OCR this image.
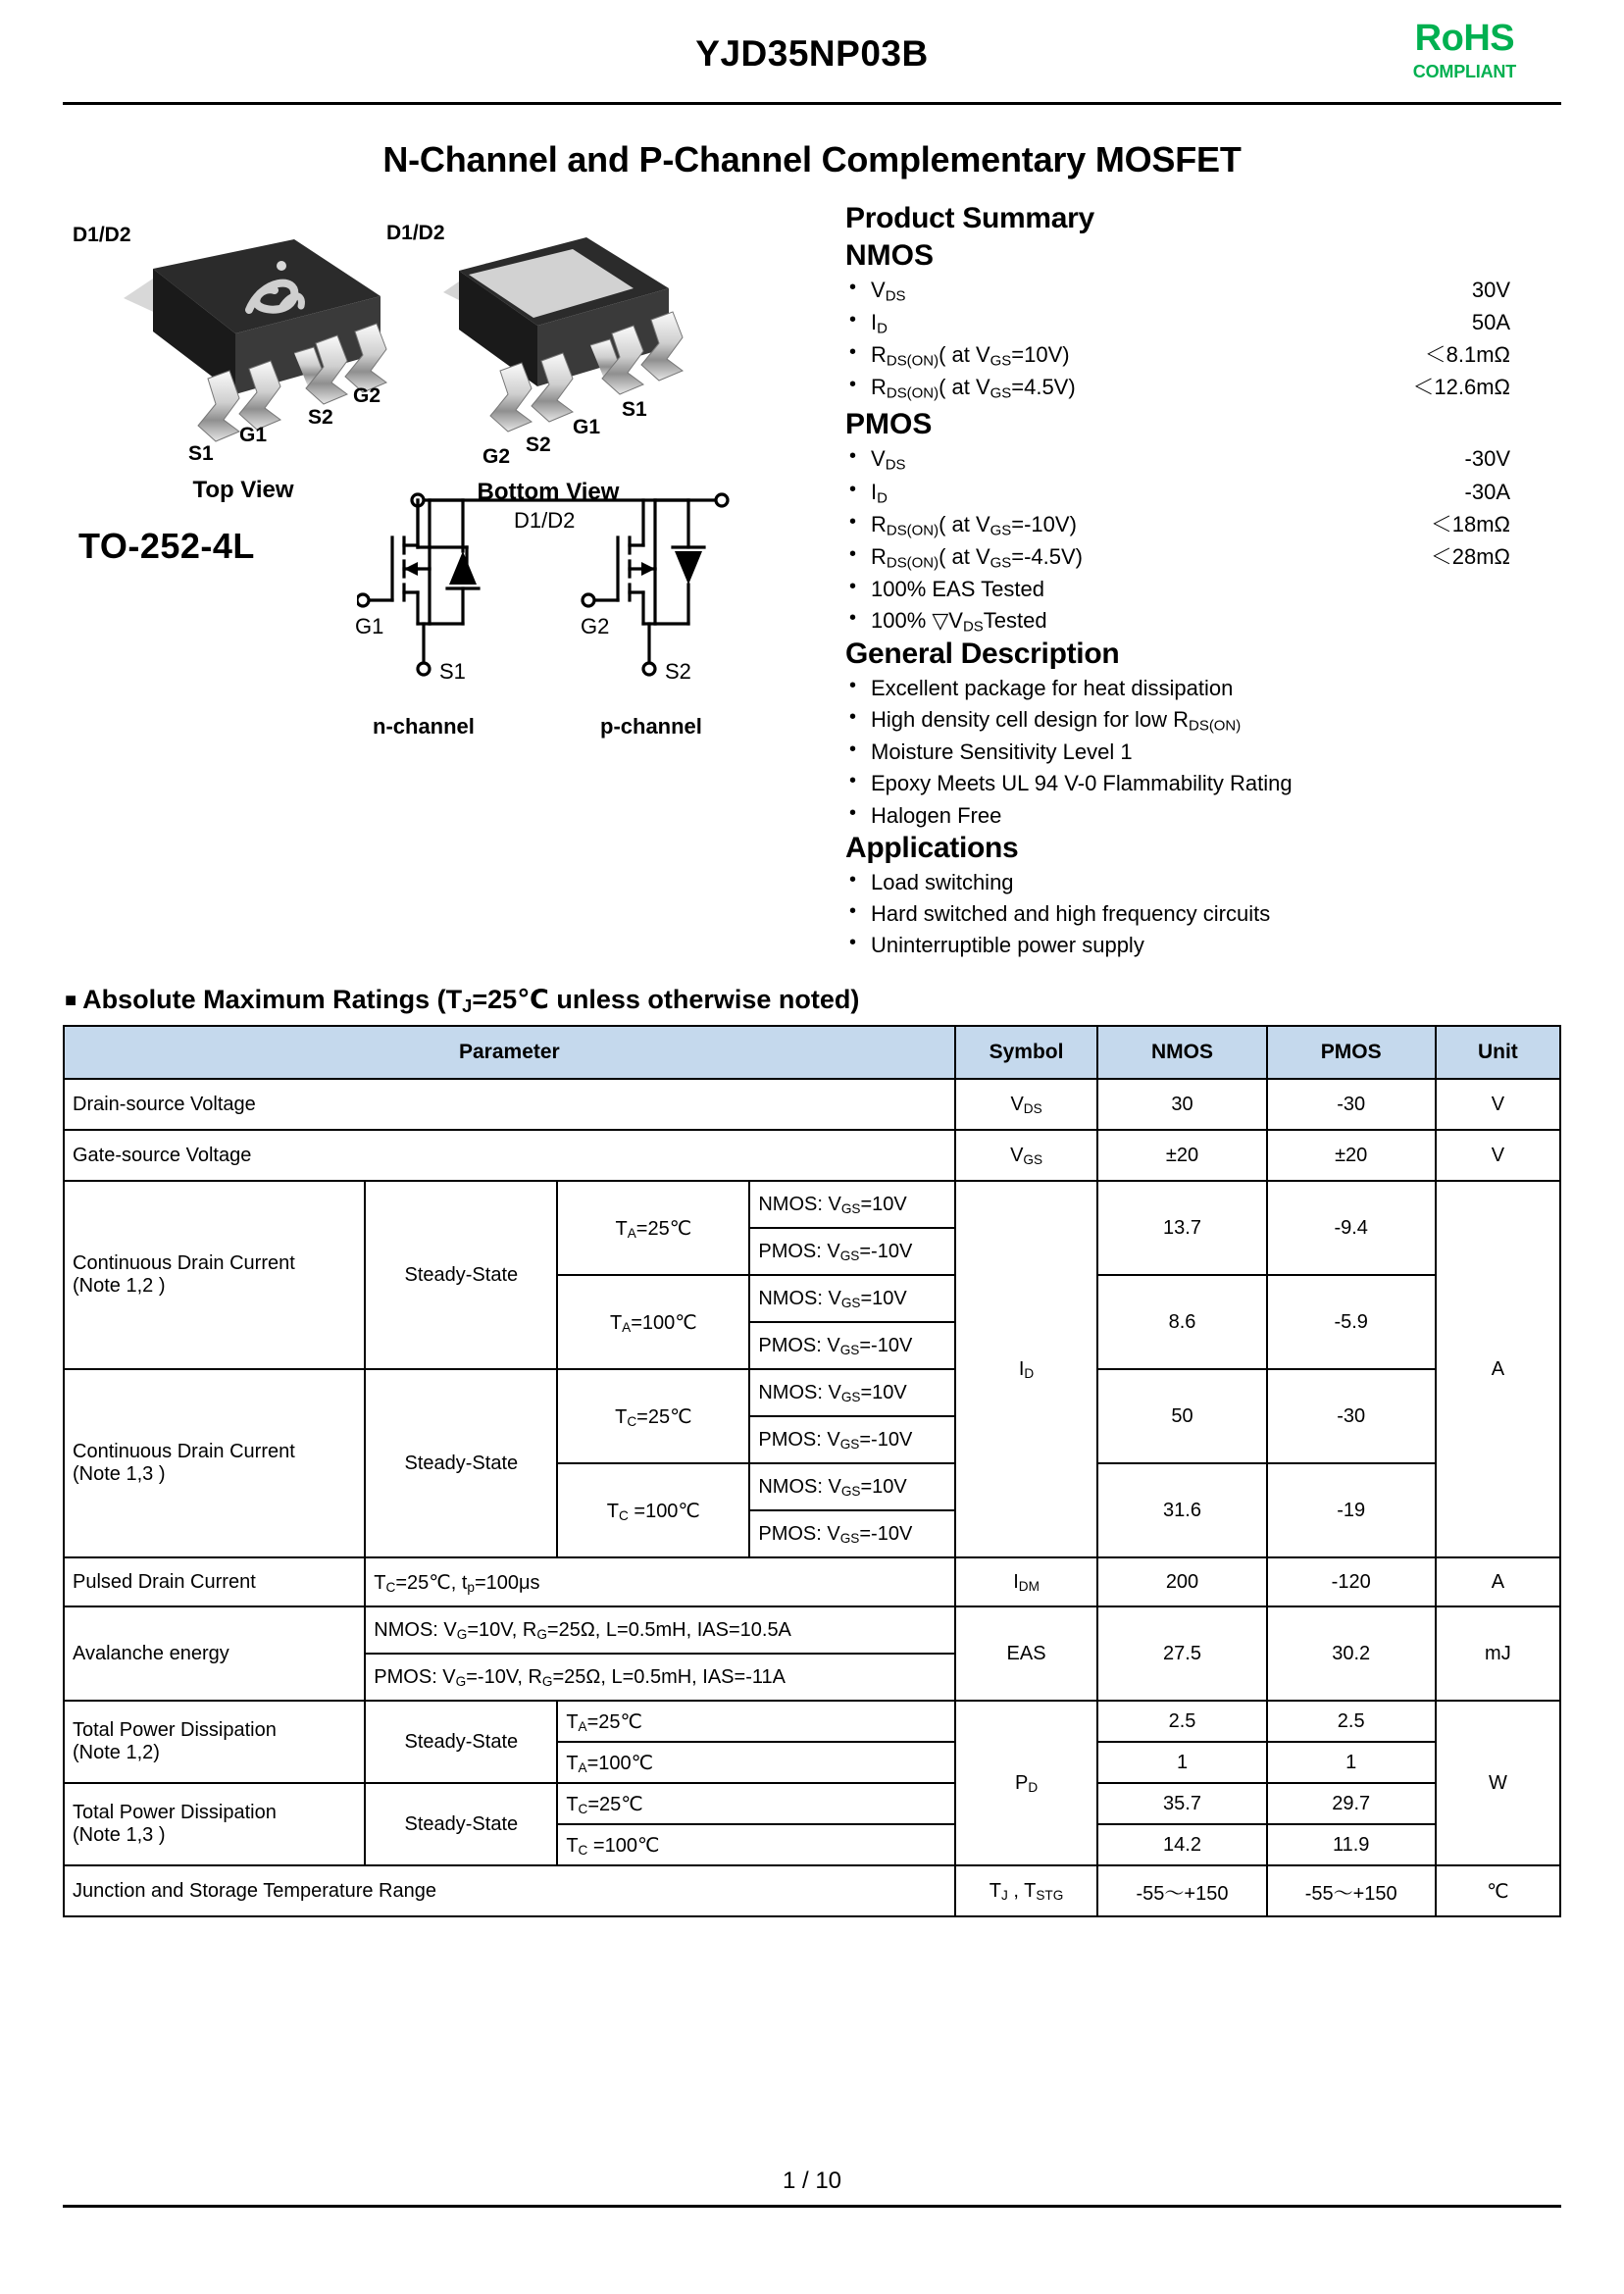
YJD35NP03B	RoHS
COMPLIANT
N-Channel and P-Channel Complementary MOSFET
D1/D2
S1
G1
S2
G2
Top View
D1/D2
G2
S2
G1
S1
Bottom View
TO-252-4L
D1/D2
G1
S1
G2
S2
n-channel	p-channel
Product Summary
NMOS
• $V_{DS}$	30V
• $I_D$	50A
• $R_{DS(ON)}$( at $V_{GS}=10V$)	＜8.1mΩ
• $R_{DS(ON)}$( at $V_{GS}=4.5V$)	＜12.6mΩ
PMOS
• $V_{DS}$	-30V
• $I_D$	-30A
• $R_{DS(ON)}$( at $V_{GS}=-10V$)	＜18mΩ
• $R_{DS(ON)}$( at $V_{GS}=-4.5V$)	＜28mΩ
• 100% EAS Tested
• 100% $▽V_{DS}Tested$
General Description
• Excellent package for heat dissipation
• High density cell design for low $R_{DS(ON)}$
• Moisture Sensitivity Level 1
• Epoxy Meets UL 94 V-0 Flammability Rating
• Halogen Free
Applications
• Load switching
• Hard switched and high frequency circuits
• Uninterruptible power supply
■ Absolute Maximum Ratings ($T_J=25℃$ unless otherwise noted)
Parameter				Symbol	NMOS	PMOS	Unit
Drain-source Voltage				$V_{DS}$	30	-30	V
Gate-source Voltage				$V_{GS}$	±20	±20	V

Continuous Drain Current
(Note 1,2 )	Steady-State	$T_A=25℃$	NMOS: $V_{GS}=10V$	$I_D$	13.7	-9.4	A
			PMOS: $V_{GS}=-10V$				
		$T_A=100℃$	NMOS: $V_{GS}=10V$		8.6	-5.9	
			PMOS: $V_{GS}=-10V$				

Continuous Drain Current
(Note 1,3 )	Steady-State	$T_C=25℃$	NMOS: $V_{GS}=10V$		50	-30	
			PMOS: $V_{GS}=-10V$				
		$T_C$ =100℃	NMOS: $V_{GS}=10V$		31.6	-19	
			PMOS: $V_{GS}=-10V$				
Pulsed Drain Current	$T_C=25℃$, $t_p=100\mu s$			$I_{DM}$	200	-120	A
Avalanche energy	NMOS: $V_G=10V$, $R_G=25\Omega$, L=0.5mH, IAS=10.5A			EAS	27.5	30.2	mJ
	PMOS: $V_G=-10V$, $R_G=25\Omega$, L=0.5mH, IAS=-11A						

Total Power Dissipation
(Note 1,2)	Steady-State	$T_A=25℃$		$P_D$	2.5	2.5	W
		$T_A=100℃$			1	1	

Total Power Dissipation
(Note 1,3 )	Steady-State	$T_C=25℃$			35.7	29.7	
		$T_C$ =100℃			14.2	11.9	
Junction and Storage Temperature Range				$T_J$ , $T_{STG}$	-55～+150	-55～+150	℃
1 / 10
